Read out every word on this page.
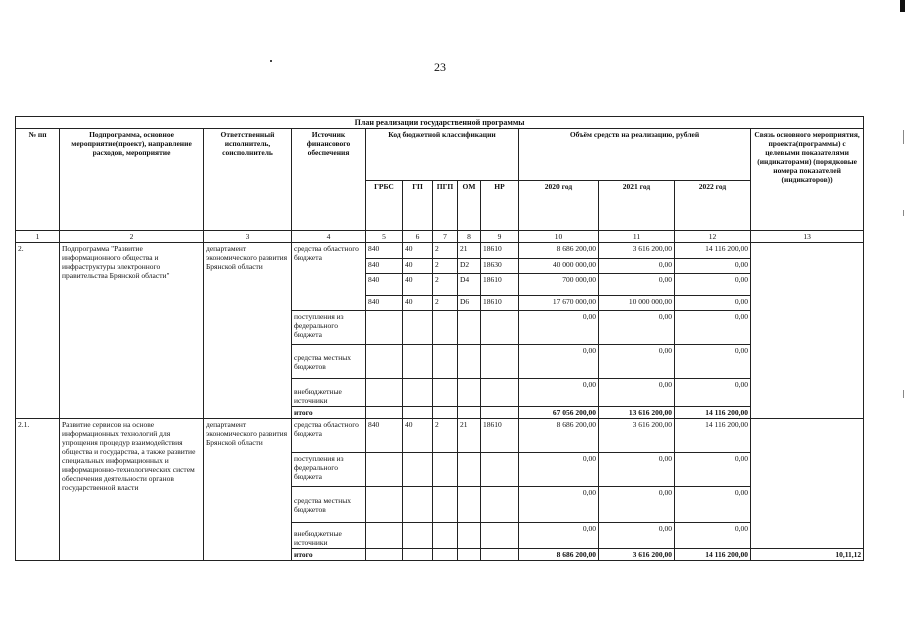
23
План реализации государственной программы												
№ пп	Подпрограмма, основное мероприятие(проект), направление расходов, мероприятие	Ответственный исполнитель, соисполнитель	Источник финансового обеспечения	Код бюджетной классификации					Объём средств на реализацию, рублей			Связь основного мероприятия, проекта(программы) с целевыми показателями (индикаторами) (порядковые номера показателей (индикаторов))
				ГРБС	ГП	ПГП	ОМ	НР	2020 год	2021 год	2022 год	
1	2	3	4	5	6	7	8	9	10	11	12	13
2.	Подпрограмма "Развитие информационного общества и инфраструктуры электронного правительства Брянской области"	департамент экономического развития Брянской области	средства областного бюджета	840	40	2	21	18610	8 686 200,00	3 616 200,00	14 116 200,00	
				840	40	2	D2	18630	40 000 000,00	0,00	0,00	
				840	40	2	D4	18610	700 000,00	0,00	0,00	
				840	40	2	D6	18610	17 670 000,00	10 000 000,00	0,00	
			поступления из федерального бюджета						0,00	0,00	0,00	
			средства местных бюджетов						0,00	0,00	0,00	
			внебюджетные источники						0,00	0,00	0,00	
			итого						67 056 200,00	13 616 200,00	14 116 200,00	
2.1.	Развитие сервисов на основе информационных технологий для упрощения процедур взаимодействия общества и государства, а также развитие специальных информационных и информационно-технологических систем обеспечения деятельности органов государственной власти	департамент экономического развития Брянской области	средства областного бюджета	840	40	2	21	18610	8 686 200,00	3 616 200,00	14 116 200,00	
			поступления из федерального бюджета						0,00	0,00	0,00	
			средства местных бюджетов						0,00	0,00	0,00	
			внебюджетные источники						0,00	0,00	0,00	
			итого						8 686 200,00	3 616 200,00	14 116 200,00	10,11,12
